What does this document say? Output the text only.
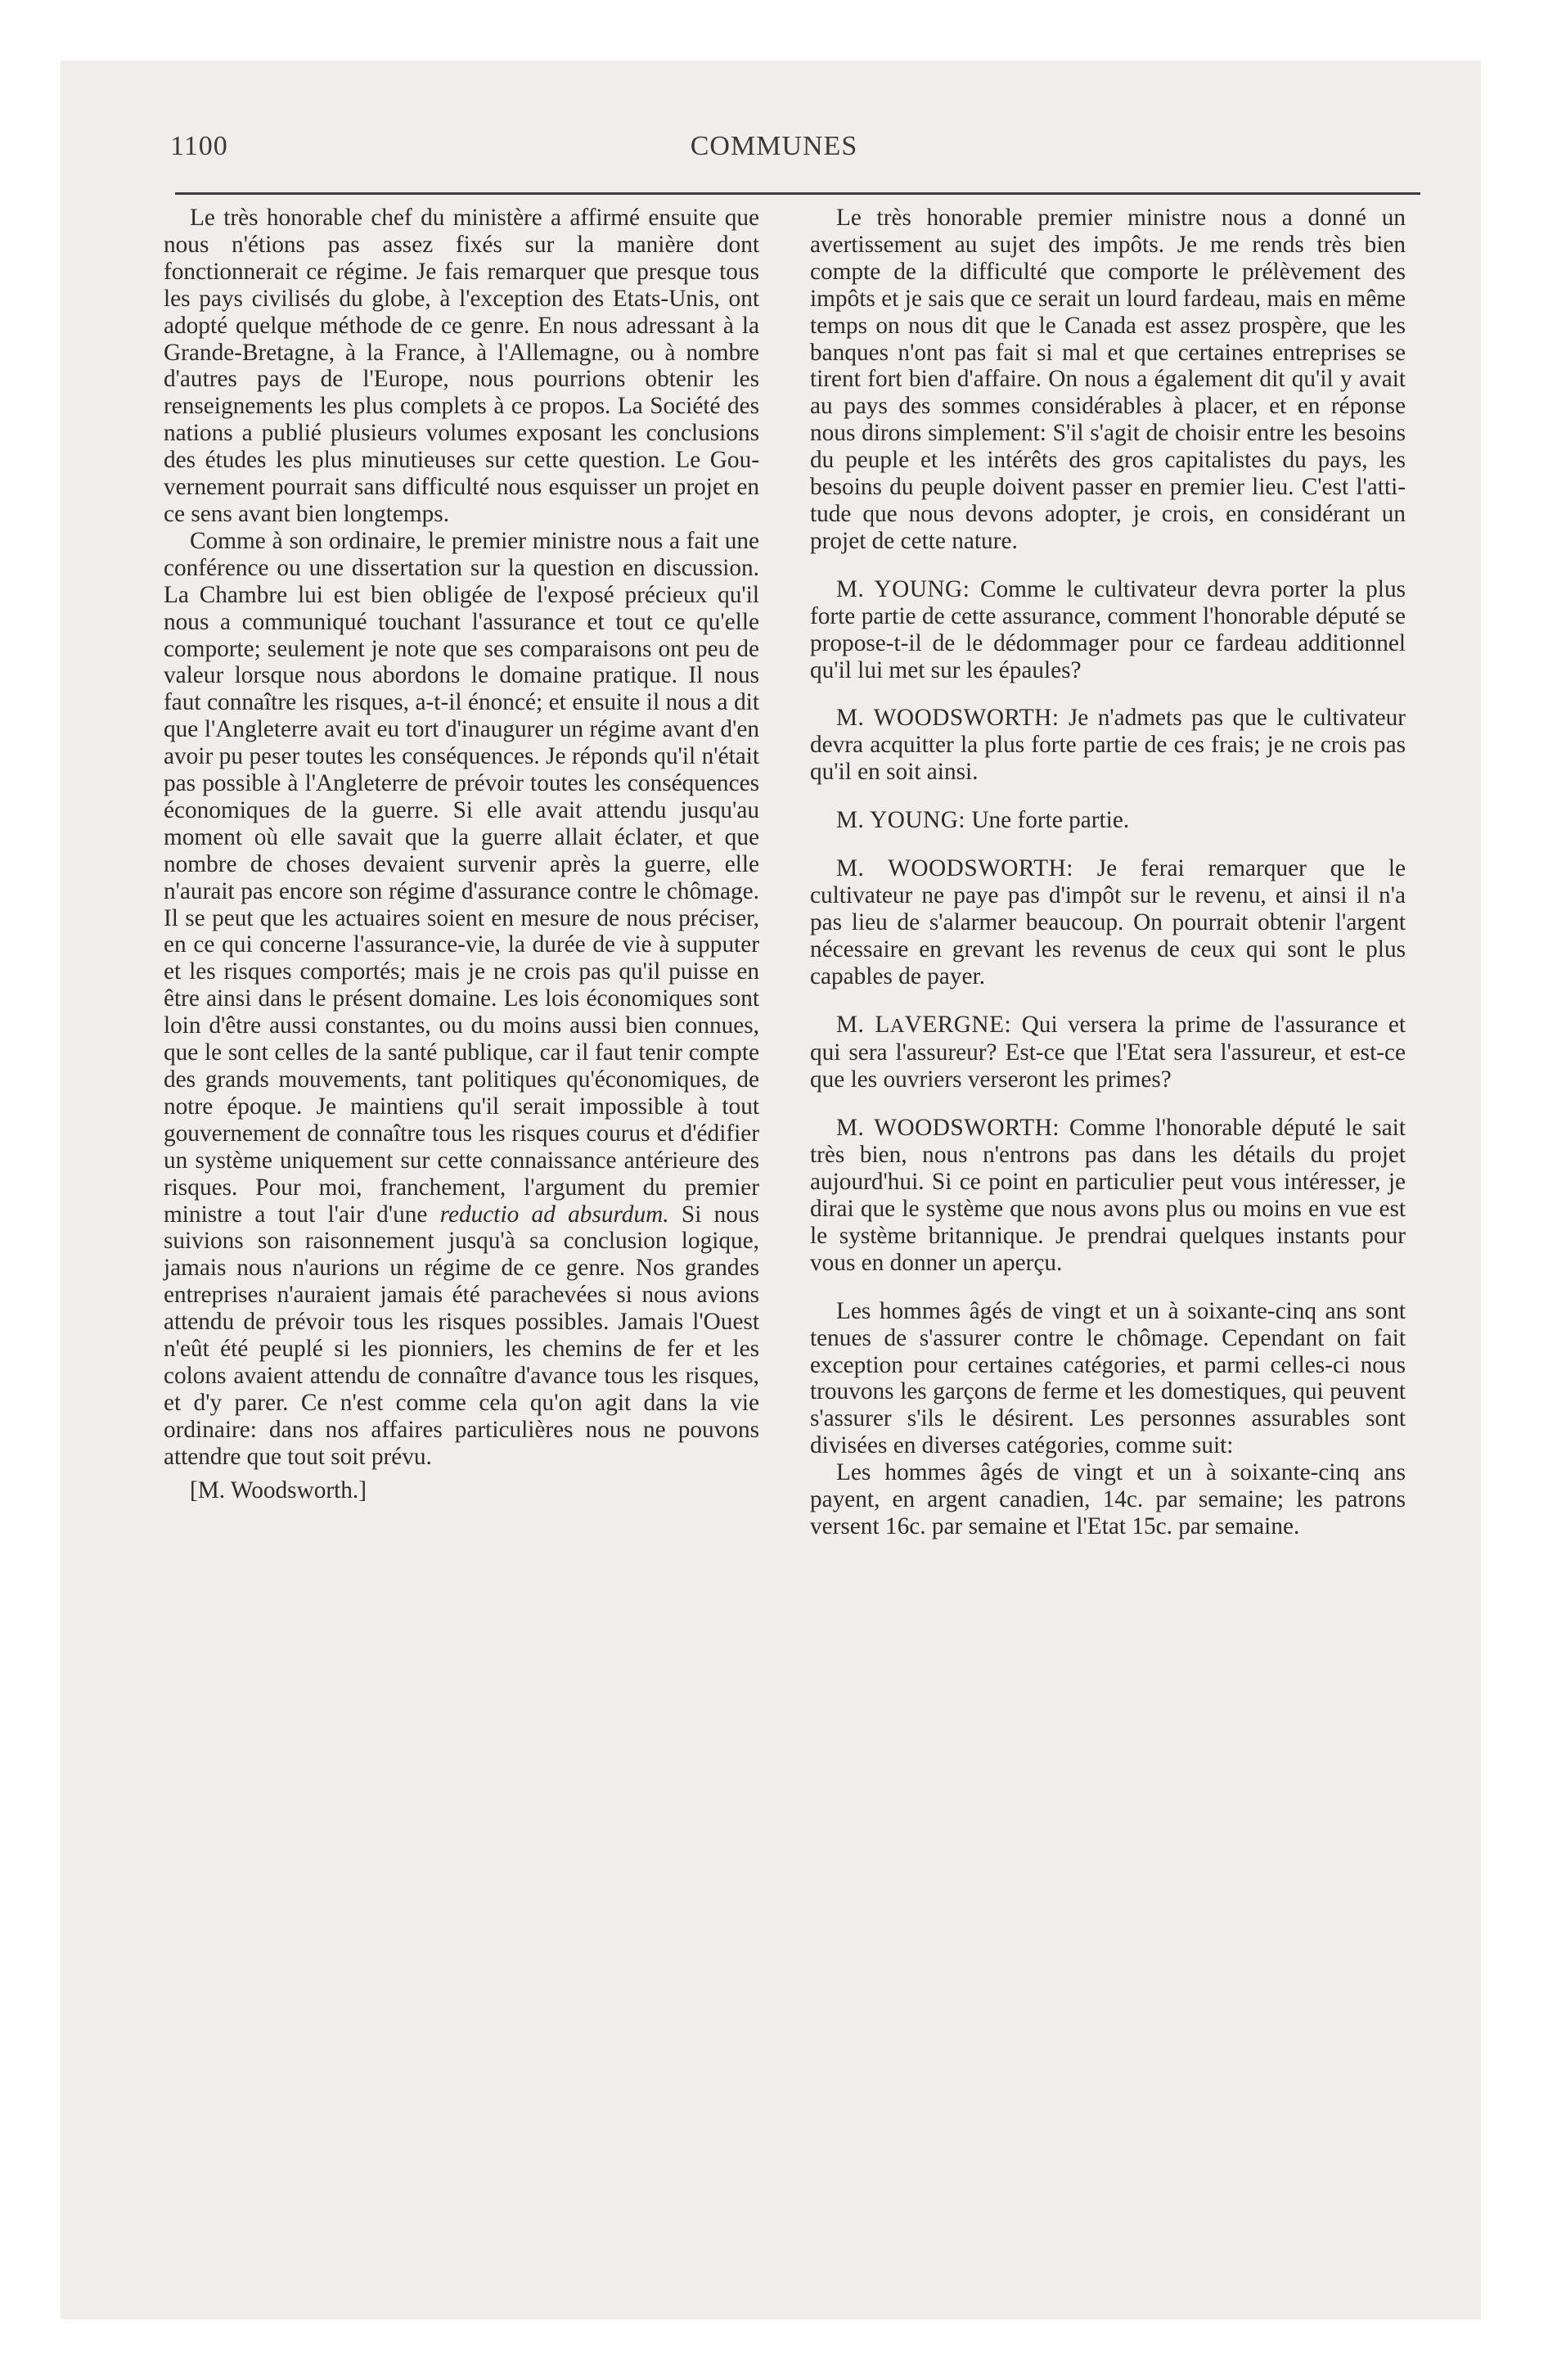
1100	COMMUNES

Le très honorable chef du ministère a affirmé ensuite que nous n'étions pas assez fixés sur la manière dont fonctionnerait ce régime. Je fais remarquer que presque tous les pays civilisés du globe, à l'exception des Etats-Unis, ont adopté quelque méthode de ce genre. En nous adressant à la Grande-Bretagne, à la France, à l'Allemagne, ou à nombre d'autres pays de l'Europe, nous pourrions obtenir les renseignements les plus complets à ce propos. La Société des nations a publié plusieurs volumes exposant les conclusions des études les plus minutieuses sur cette question. Le Gouvernement pourrait sans difficulté nous esquisser un projet en ce sens avant bien longtemps.

Comme à son ordinaire, le premier ministre nous a fait une conférence ou une dissertation sur la question en discussion. La Chambre lui est bien obligée de l'exposé précieux qu'il nous a communiqué touchant l'assurance et tout ce qu'elle comporte; seulement je note que ses comparaisons ont peu de valeur lorsque nous abordons le domaine pratique. Il nous faut connaître les risques, a-t-il énoncé; et ensuite il nous a dit que l'Angleterre avait eu tort d'inaugurer un régime avant d'en avoir pu peser toutes les conséquences. Je réponds qu'il n'était pas possible à l'Angleterre de prévoir toutes les conséquences économiques de la guerre. Si elle avait attendu jusqu'au moment où elle savait que la guerre allait éclater, et que nombre de choses devaient survenir après la guerre, elle n'aurait pas encore son régime d'assurance contre le chômage. Il se peut que les actuaires soient en mesure de nous préciser, en ce qui concerne l'assurance-vie, la durée de vie à supputer et les risques comportés; mais je ne crois pas qu'il puisse en être ainsi dans le présent domaine. Les lois économiques sont loin d'être aussi constantes, ou du moins aussi bien connues, que le sont celles de la santé publique, car il faut tenir compte des grands mouvements, tant politiques qu'économiques, de notre époque. Je maintiens qu'il serait impossible à tout gouvernement de connaître tous les risques courus et d'édifier un système uniquement sur cette connaissance antérieure des risques. Pour moi, franchement, l'argument du premier ministre a tout l'air d'une reductio ad absurdum. Si nous suivions son raisonnement jusqu'à sa conclusion logique, jamais nous n'aurions un régime de ce genre. Nos grandes entreprises n'auraient jamais été parachevées si nous avions attendu de prévoir tous les risques possibles. Jamais l'Ouest n'eût été peuplé si les pionniers, les chemins de fer et les colons avaient attendu de connaître d'avance tous les risques, et d'y parer. Ce n'est comme cela qu'on agit dans la vie ordinaire: dans nos affaires particulières nous ne pouvons attendre que tout soit prévu.

[M. Woodsworth.]

Le très honorable premier ministre nous a donné un avertissement au sujet des impôts. Je me rends très bien compte de la difficulté que comporte le prélèvement des impôts et je sais que ce serait un lourd fardeau, mais en même temps on nous dit que le Canada est assez prospère, que les banques n'ont pas fait si mal et que certaines entreprises se tirent fort bien d'affaire. On nous a également dit qu'il y avait au pays des sommes considérables à placer, et en réponse nous dirons simplement: S'il s'agit de choisir entre les besoins du peuple et les intérêts des gros capitalistes du pays, les besoins du peuple doivent passer en premier lieu. C'est l'attitude que nous devons adopter, je crois, en considérant un projet de cette nature.

M. YOUNG: Comme le cultivateur devra porter la plus forte partie de cette assurance, comment l'honorable député se propose-t-il de le dédommager pour ce fardeau additionnel qu'il lui met sur les épaules?

M. WOODSWORTH: Je n'admets pas que le cultivateur devra acquitter la plus forte partie de ces frais; je ne crois pas qu'il en soit ainsi.

M. YOUNG: Une forte partie.

M. WOODSWORTH: Je ferai remarquer que le cultivateur ne paye pas d'impôt sur le revenu, et ainsi il n'a pas lieu de s'alarmer beaucoup. On pourrait obtenir l'argent nécessaire en grevant les revenus de ceux qui sont le plus capables de payer.

M. LAVERGNE: Qui versera la prime de l'assurance et qui sera l'assureur? Est-ce que l'Etat sera l'assureur, et est-ce que les ouvriers verseront les primes?

M. WOODSWORTH: Comme l'honorable député le sait très bien, nous n'entrons pas dans les détails du projet aujourd'hui. Si ce point en particulier peut vous intéresser, je dirai que le système que nous avons plus ou moins en vue est le système britannique. Je prendrai quelques instants pour vous en donner un aperçu.

Les hommes âgés de vingt et un à soixante-cinq ans sont tenues de s'assurer contre le chômage. Cependant on fait exception pour certaines catégories, et parmi celles-ci nous trouvons les garçons de ferme et les domestiques, qui peuvent s'assurer s'ils le désirent. Les personnes assurables sont divisées en diverses catégories, comme suit:

Les hommes âgés de vingt et un à soixante-cinq ans payent, en argent canadien, 14c. par semaine; les patrons versent 16c. par semaine et l'Etat 15c. par semaine.
